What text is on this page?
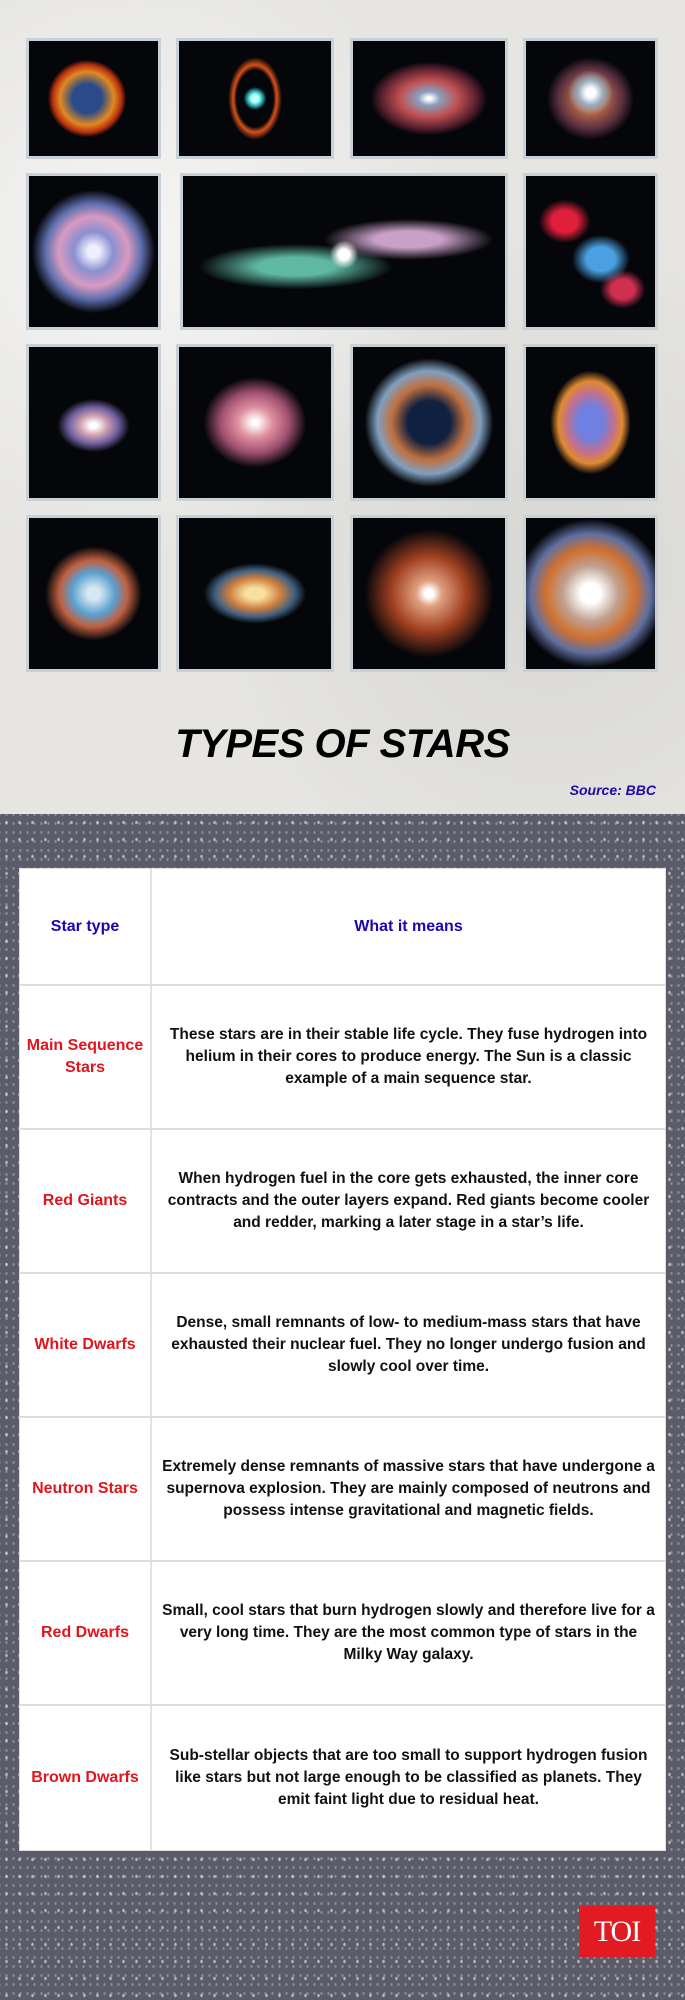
TYPES OF STARS
Source: BBC
Star type	What it means
Main Sequence Stars
These stars are in their stable life cycle. They fuse hydrogen into helium in their cores to produce energy. The Sun is a classic example of a main sequence star.
Red Giants
When hydrogen fuel in the core gets exhausted, the inner core contracts and the outer layers expand. Red giants become cooler and redder, marking a later stage in a star’s life.
White Dwarfs
Dense, small remnants of low- to medium-mass stars that have exhausted their nuclear fuel. They no longer undergo fusion and slowly cool over time.
Neutron Stars
Extremely dense remnants of massive stars that have undergone a supernova explosion. They are mainly composed of neutrons and possess intense gravitational and magnetic fields.
Red Dwarfs
Small, cool stars that burn hydrogen slowly and therefore live for a very long time. They are the most common type of stars in the Milky Way galaxy.
Brown Dwarfs
Sub-stellar objects that are too small to support hydrogen fusion like stars but not large enough to be classified as planets. They emit faint light due to residual heat.
TOI
